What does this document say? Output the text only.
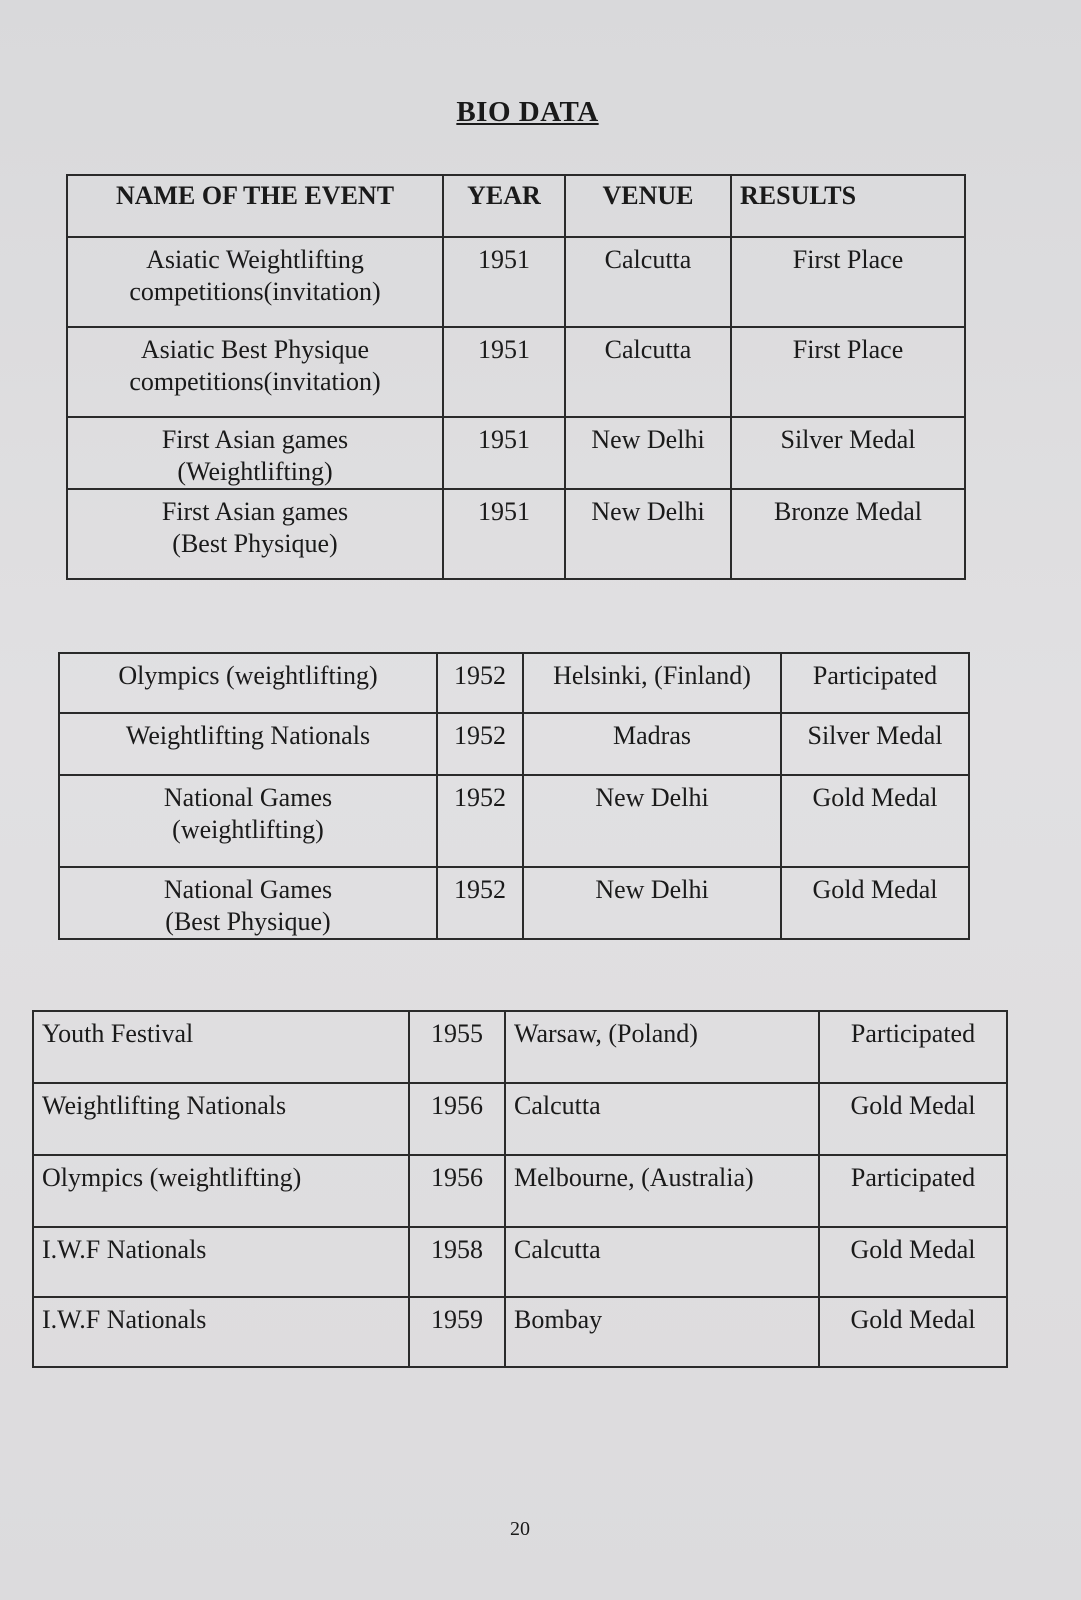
BIO DATA
NAME OF THE EVENT	YEAR	VENUE	RESULTS

Asiatic Weightlifting
competitions(invitation)	1951	Calcutta	First Place

Asiatic Best Physique
competitions(invitation)	1951	Calcutta	First Place

First Asian games
(Weightlifting)	1951	New Delhi	Silver Medal

First Asian games
(Best Physique)	1951	New Delhi	Bronze Medal
Olympics (weightlifting)	1952	Helsinki, (Finland)	Participated
Weightlifting Nationals	1952	Madras	Silver Medal

National Games
(weightlifting)	1952	New Delhi	Gold Medal

National Games
(Best Physique)	1952	New Delhi	Gold Medal
Youth Festival	1955	Warsaw, (Poland)	Participated
Weightlifting Nationals	1956	Calcutta	Gold Medal
Olympics (weightlifting)	1956	Melbourne, (Australia)	Participated
I.W.F Nationals	1958	Calcutta	Gold Medal
I.W.F Nationals	1959	Bombay	Gold Medal
20
